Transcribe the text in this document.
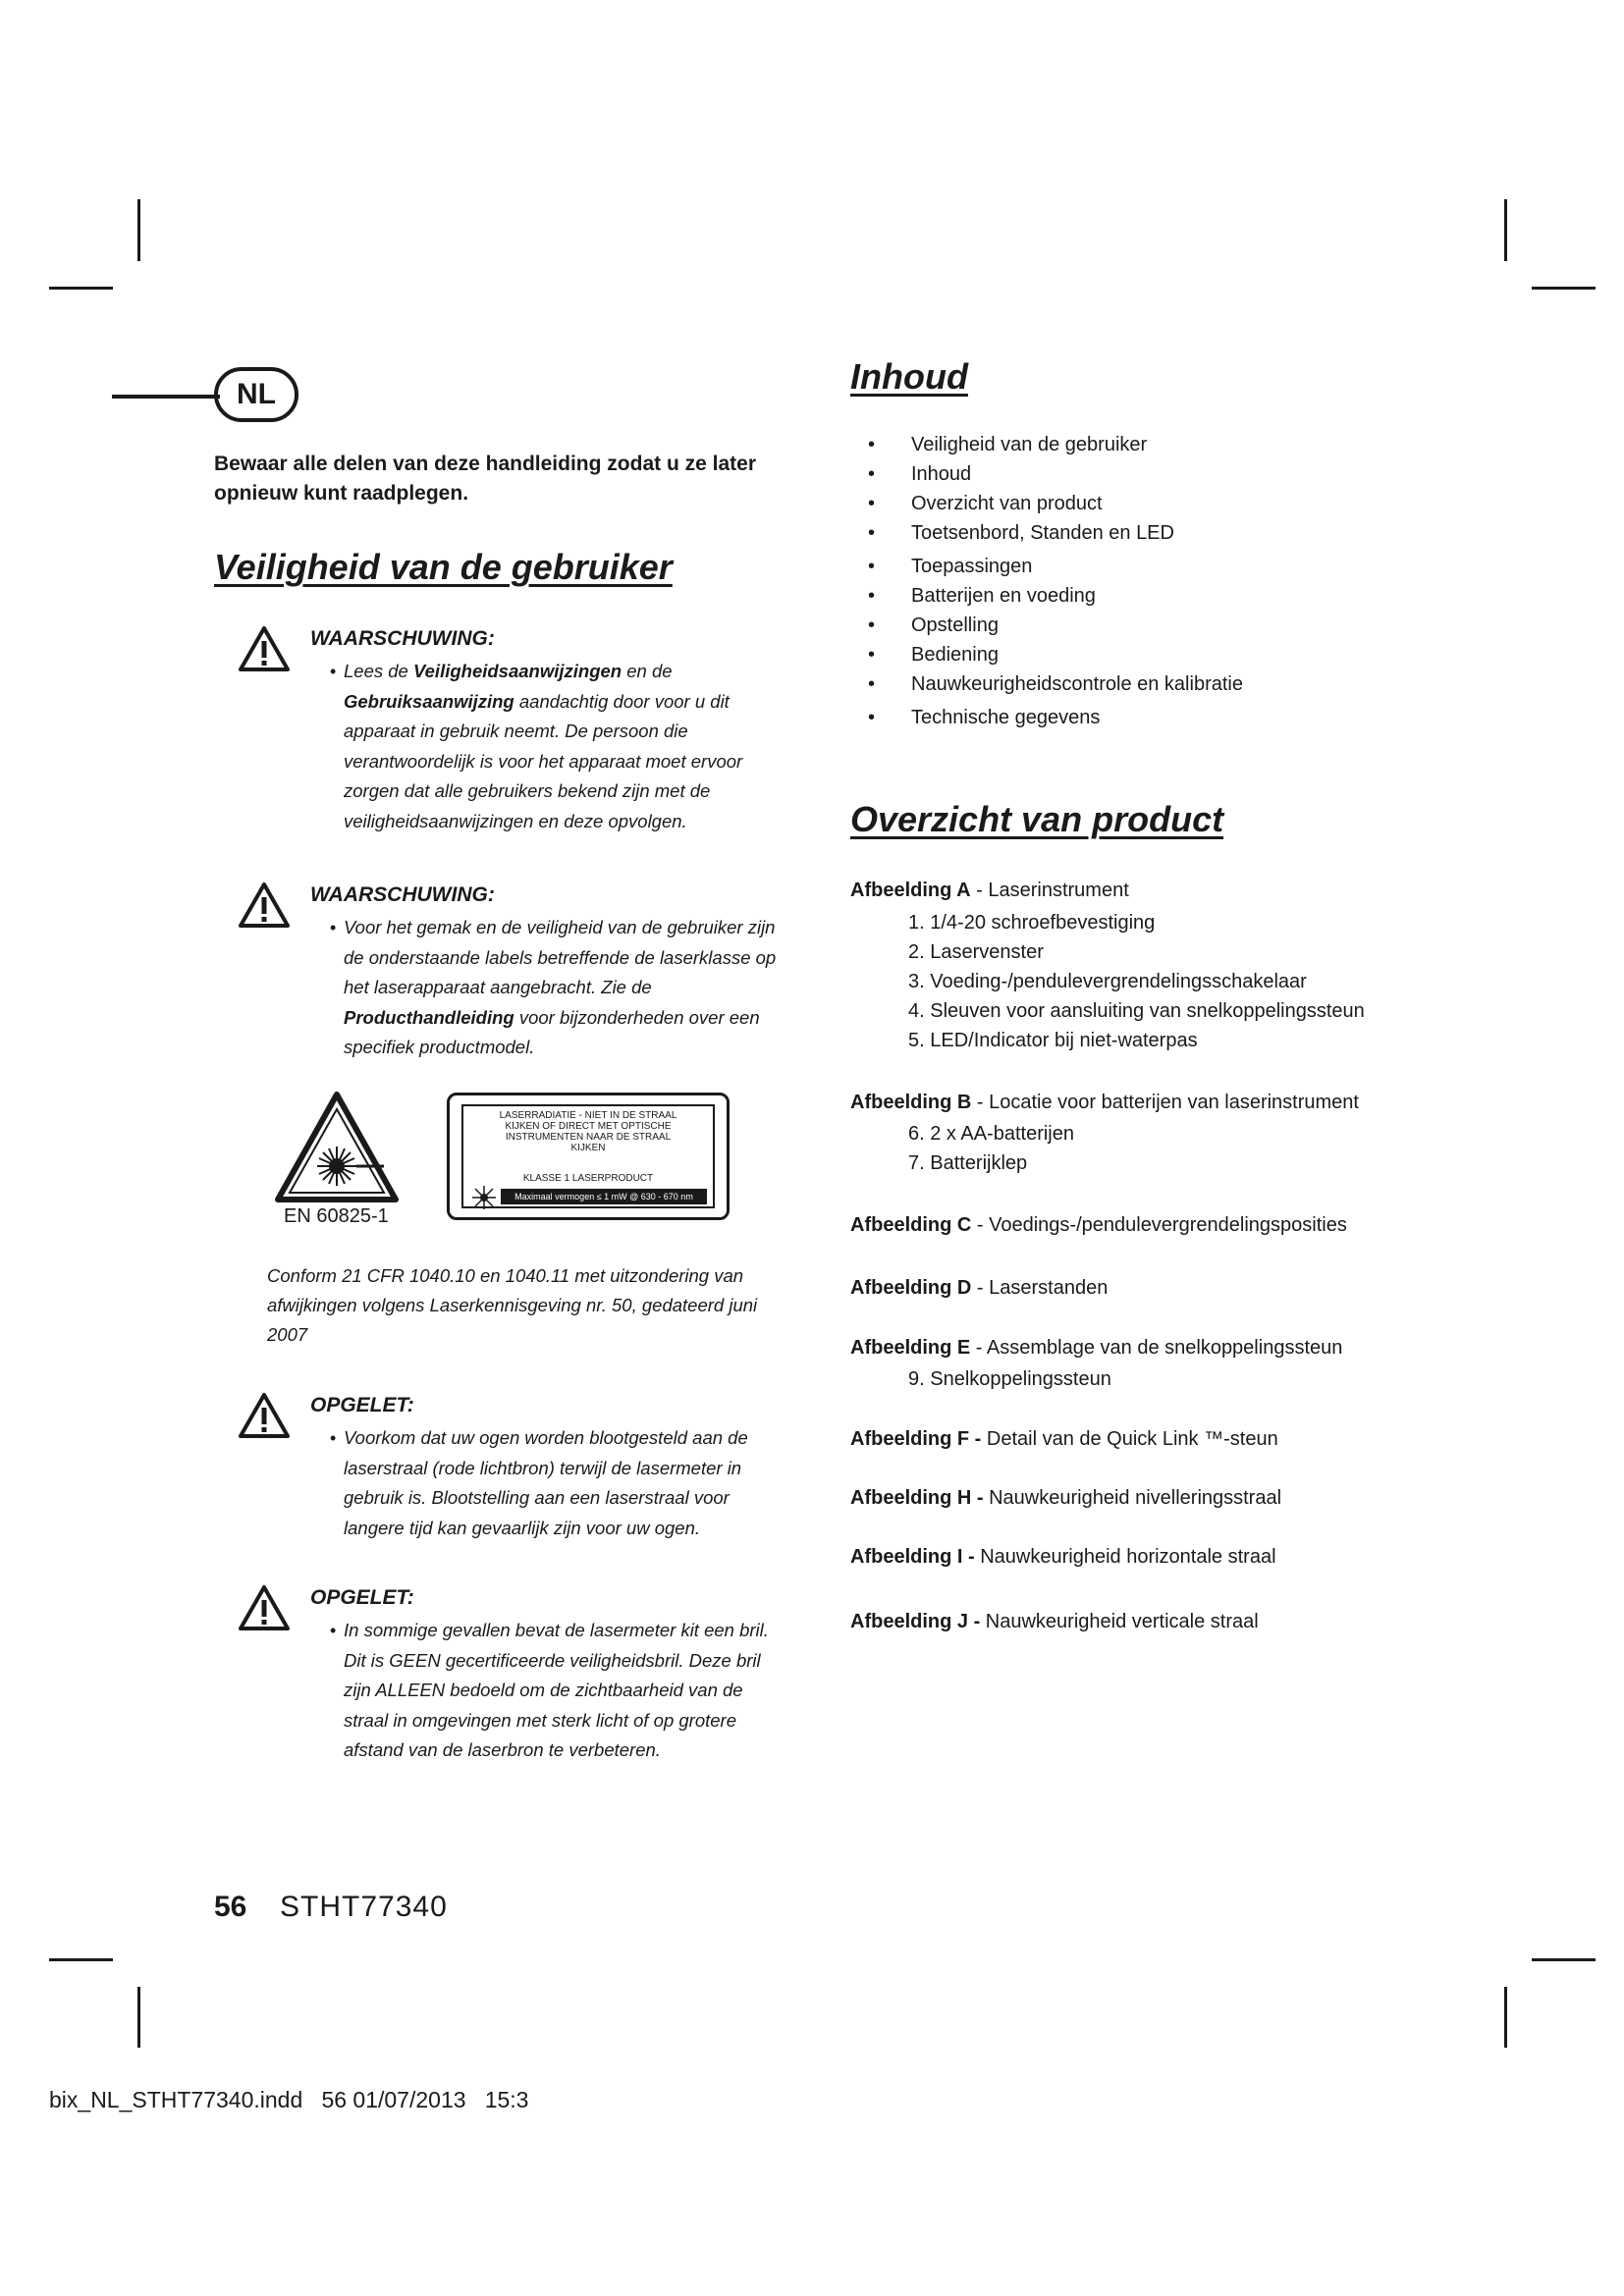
NL
Bewaar alle delen van deze handleiding zodat u ze later opnieuw kunt raadplegen.
Veiligheid van de gebruiker
WAARSCHUWING:
• Lees de Veiligheidsaanwijzingen en de Gebruiksaanwijzing aandachtig door voor u dit apparaat in gebruik neemt. De persoon die verantwoordelijk is voor het apparaat moet ervoor zorgen dat alle gebruikers bekend zijn met de veiligheidsaanwijzingen en deze opvolgen.
WAARSCHUWING:
• Voor het gemak en de veiligheid van de gebruiker zijn de onderstaande labels betreffende de laserklasse op het laserapparaat aangebracht. Zie de Producthandleiding voor bijzonderheden over een specifiek productmodel.
EN 60825-1
LASERRADIATIE - NIET IN DE STRAAL KIJKEN OF DIRECT MET OPTISCHE INSTRUMENTEN NAAR DE STRAAL KIJKEN
KLASSE 1 LASERPRODUCT
Maximaal vermogen ≤ 1 mW @ 630 - 670 nm
Conform 21 CFR 1040.10 en 1040.11 met uitzondering van afwijkingen volgens Laserkennisgeving nr. 50, gedateerd juni 2007
OPGELET:
• Voorkom dat uw ogen worden blootgesteld aan de laserstraal (rode lichtbron) terwijl de lasermeter in gebruik is. Blootstelling aan een laserstraal voor langere tijd kan gevaarlijk zijn voor uw ogen.
OPGELET:
• In sommige gevallen bevat de lasermeter kit een bril. Dit is GEEN gecertificeerde veiligheidsbril. Deze bril zijn ALLEEN bedoeld om de zichtbaarheid van de straal in omgevingen met sterk licht of op grotere afstand van de laserbron te verbeteren.
Inhoud
• Veiligheid van de gebruiker
• Inhoud
• Overzicht van product
• Toetsenbord, Standen en LED
• Toepassingen
• Batterijen en voeding
• Opstelling
• Bediening
• Nauwkeurigheidscontrole en kalibratie
• Technische gegevens
Overzicht van product
Afbeelding A - Laserinstrument
1. 1/4-20 schroefbevestiging
2. Laservenster
3. Voeding-/pendulevergrendelingsschakelaar
4. Sleuven voor aansluiting van snelkoppelingssteun
5. LED/Indicator bij niet-waterpas
Afbeelding B - Locatie voor batterijen van laserinstrument
6. 2 x AA-batterijen
7. Batterijklep
Afbeelding C - Voedings-/pendulevergrendelingsposities
Afbeelding D - Laserstanden
Afbeelding E - Assemblage van de snelkoppelingssteun
9. Snelkoppelingssteun
Afbeelding F - Detail van de Quick Link ™-steun
Afbeelding H - Nauwkeurigheid nivelleringsstraal
Afbeelding I - Nauwkeurigheid horizontale straal
Afbeelding J - Nauwkeurigheid verticale straal
56 STHT77340
bix_NL_STHT77340.indd   56 01/07/2013   15:3
